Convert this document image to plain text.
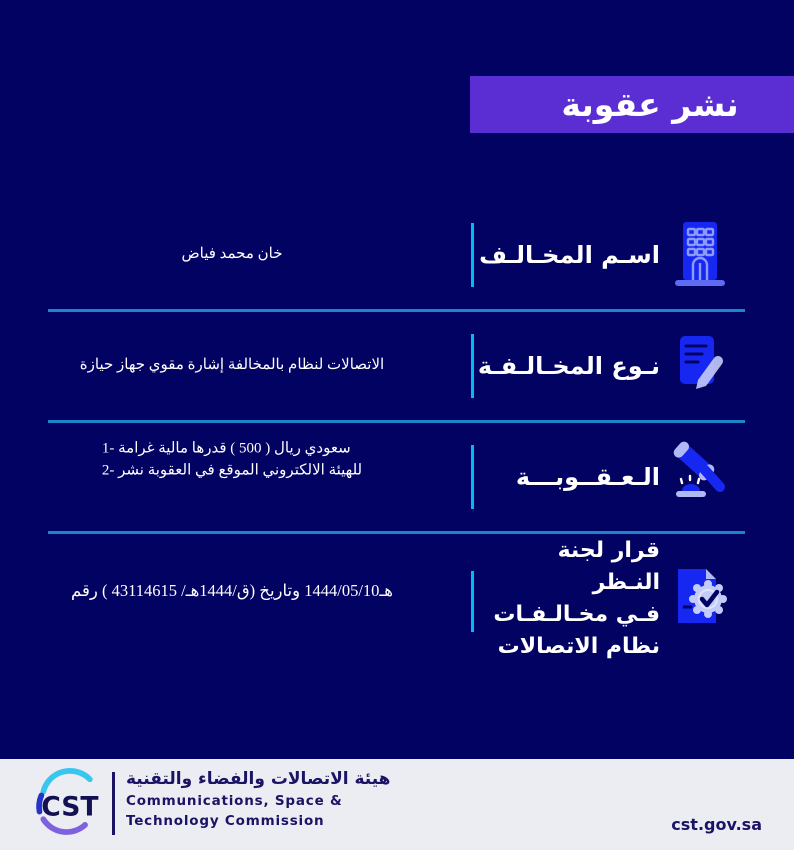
نشر عقوبة
اسـم المخـالـف
فياض محمد خان
نـوع المخـالـفـة
حيازة جهاز مقوي إشارة بالمخالفة لنظام الاتصالات
الـعـقــوبـــة
1- غرامة مالية قدرها ( 500 ) ريال سعودي
2- نشر العقوبة في الموقع الالكتروني للهيئة
قرار لجنة النـظر
فـي مخـالـفـات
نظام الاتصالات
رقم ( 43114615 /ق/1444هـ) وتاريخ 1444/05/10هـ
CST
هيئة الاتصالات والفضاء والتقنية
Communications, Space &
Technology Commission	cst.gov.sa
